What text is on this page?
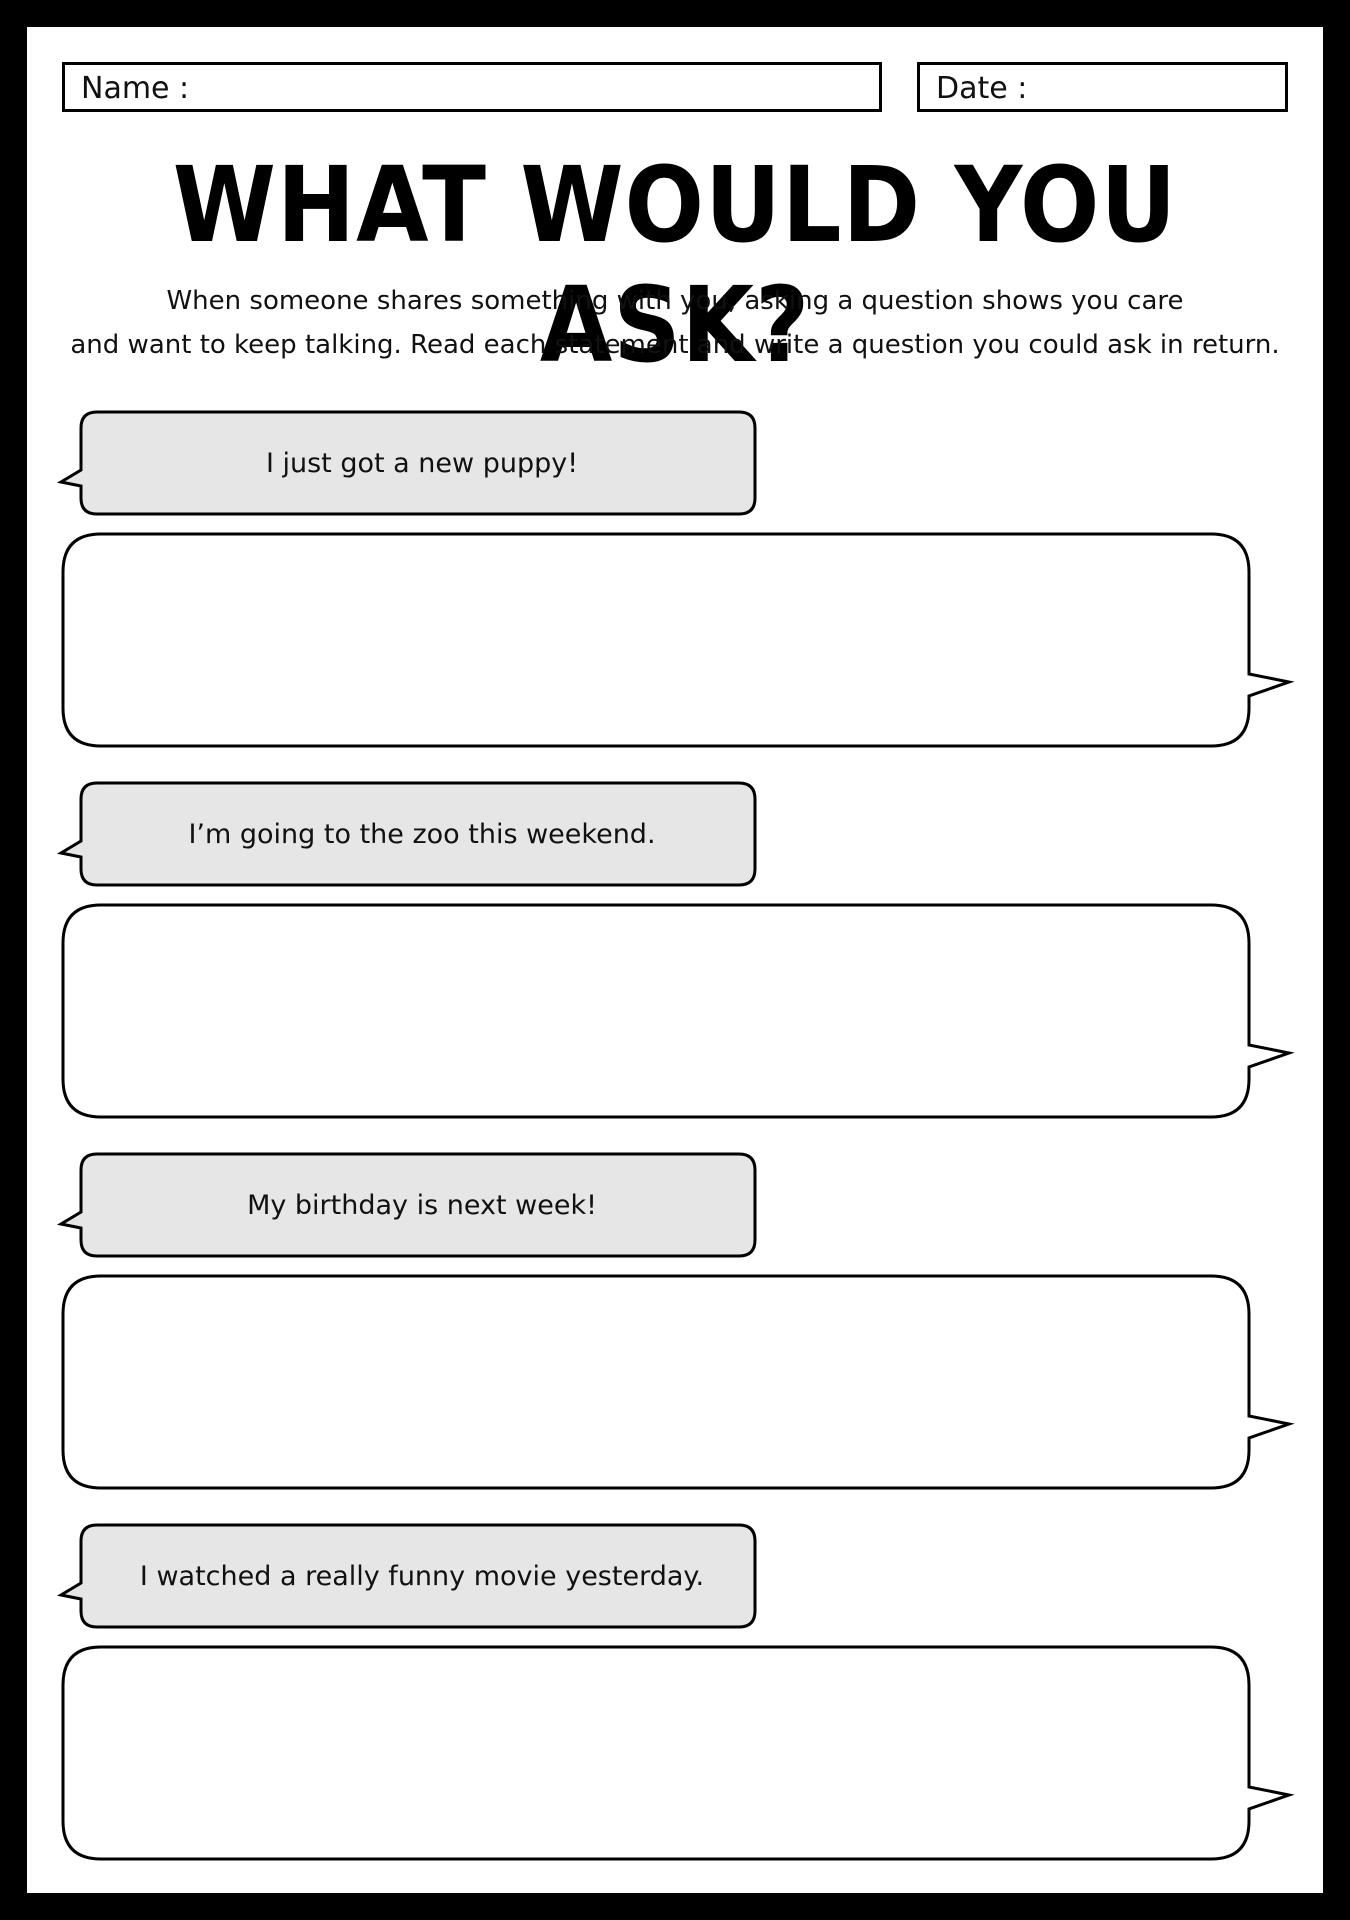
Name :	Date :
WHAT WOULD YOU ASK?
When someone shares something with you, asking a question shows you care
and want to keep talking. Read each statement and write a question you could ask in return.
I just got a new puppy!
I’m going to the zoo this weekend.
My birthday is next week!
I watched a really funny movie yesterday.
